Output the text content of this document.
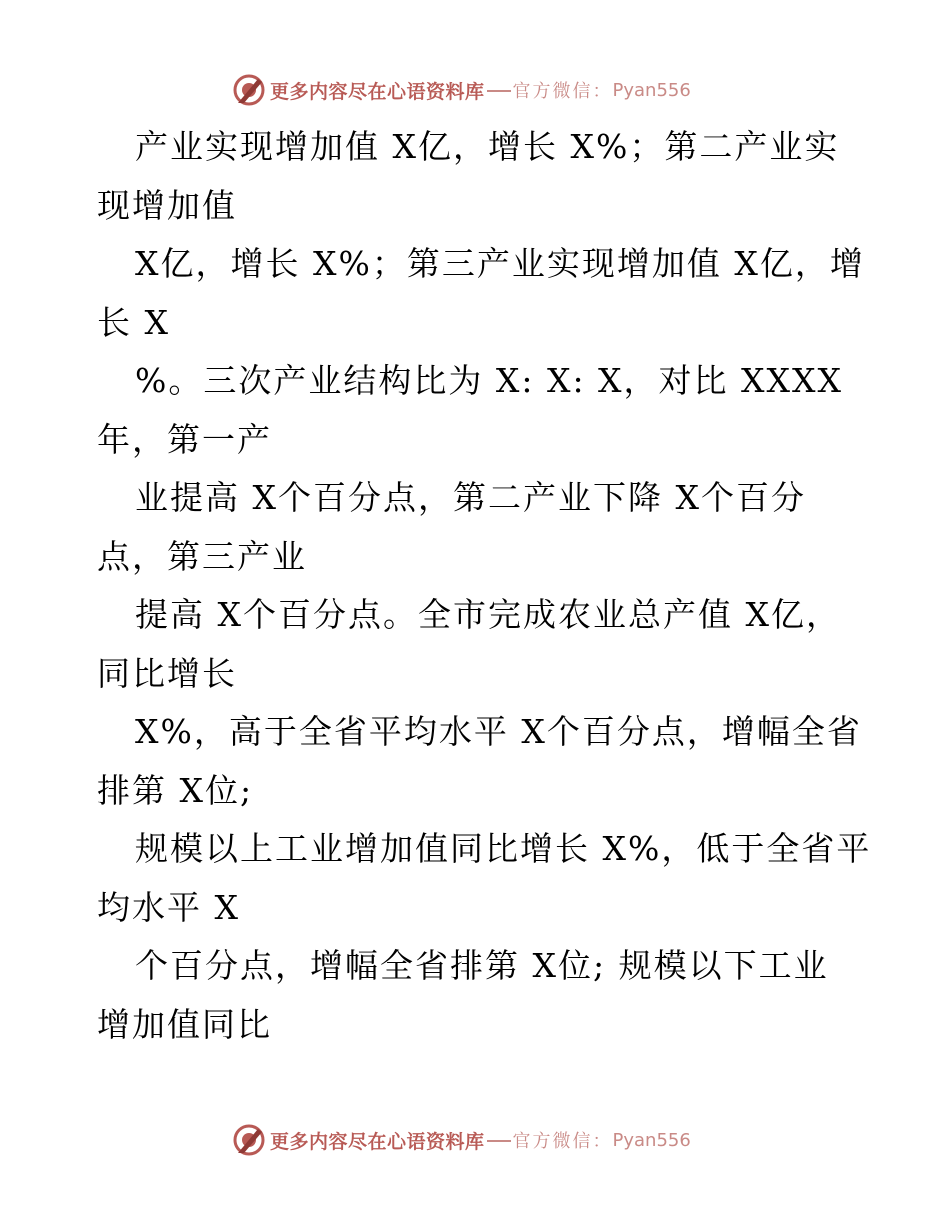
更多内容尽在心语资料库 官方微信： Pyan556
产业实现增加值 X亿，增长 X%；第二产业实
现增加值
X亿，增长 X%；第三产业实现增加值 X亿，增
长 X
%。三次产业结构比为 X: X: X，对比 XXXX
年，第一产
业提高 X个百分点，第二产业下降 X个百分
点，第三产业
提高 X个百分点。全市完成农业总产值 X亿，
同比增长
X%，高于全省平均水平 X个百分点，增幅全省
排第 X位;
规模以上工业增加值同比增长 X%，低于全省平
均水平 X
个百分点，增幅全省排第 X位; 规模以下工业
增加值同比
更多内容尽在心语资料库 官方微信： Pyan556
